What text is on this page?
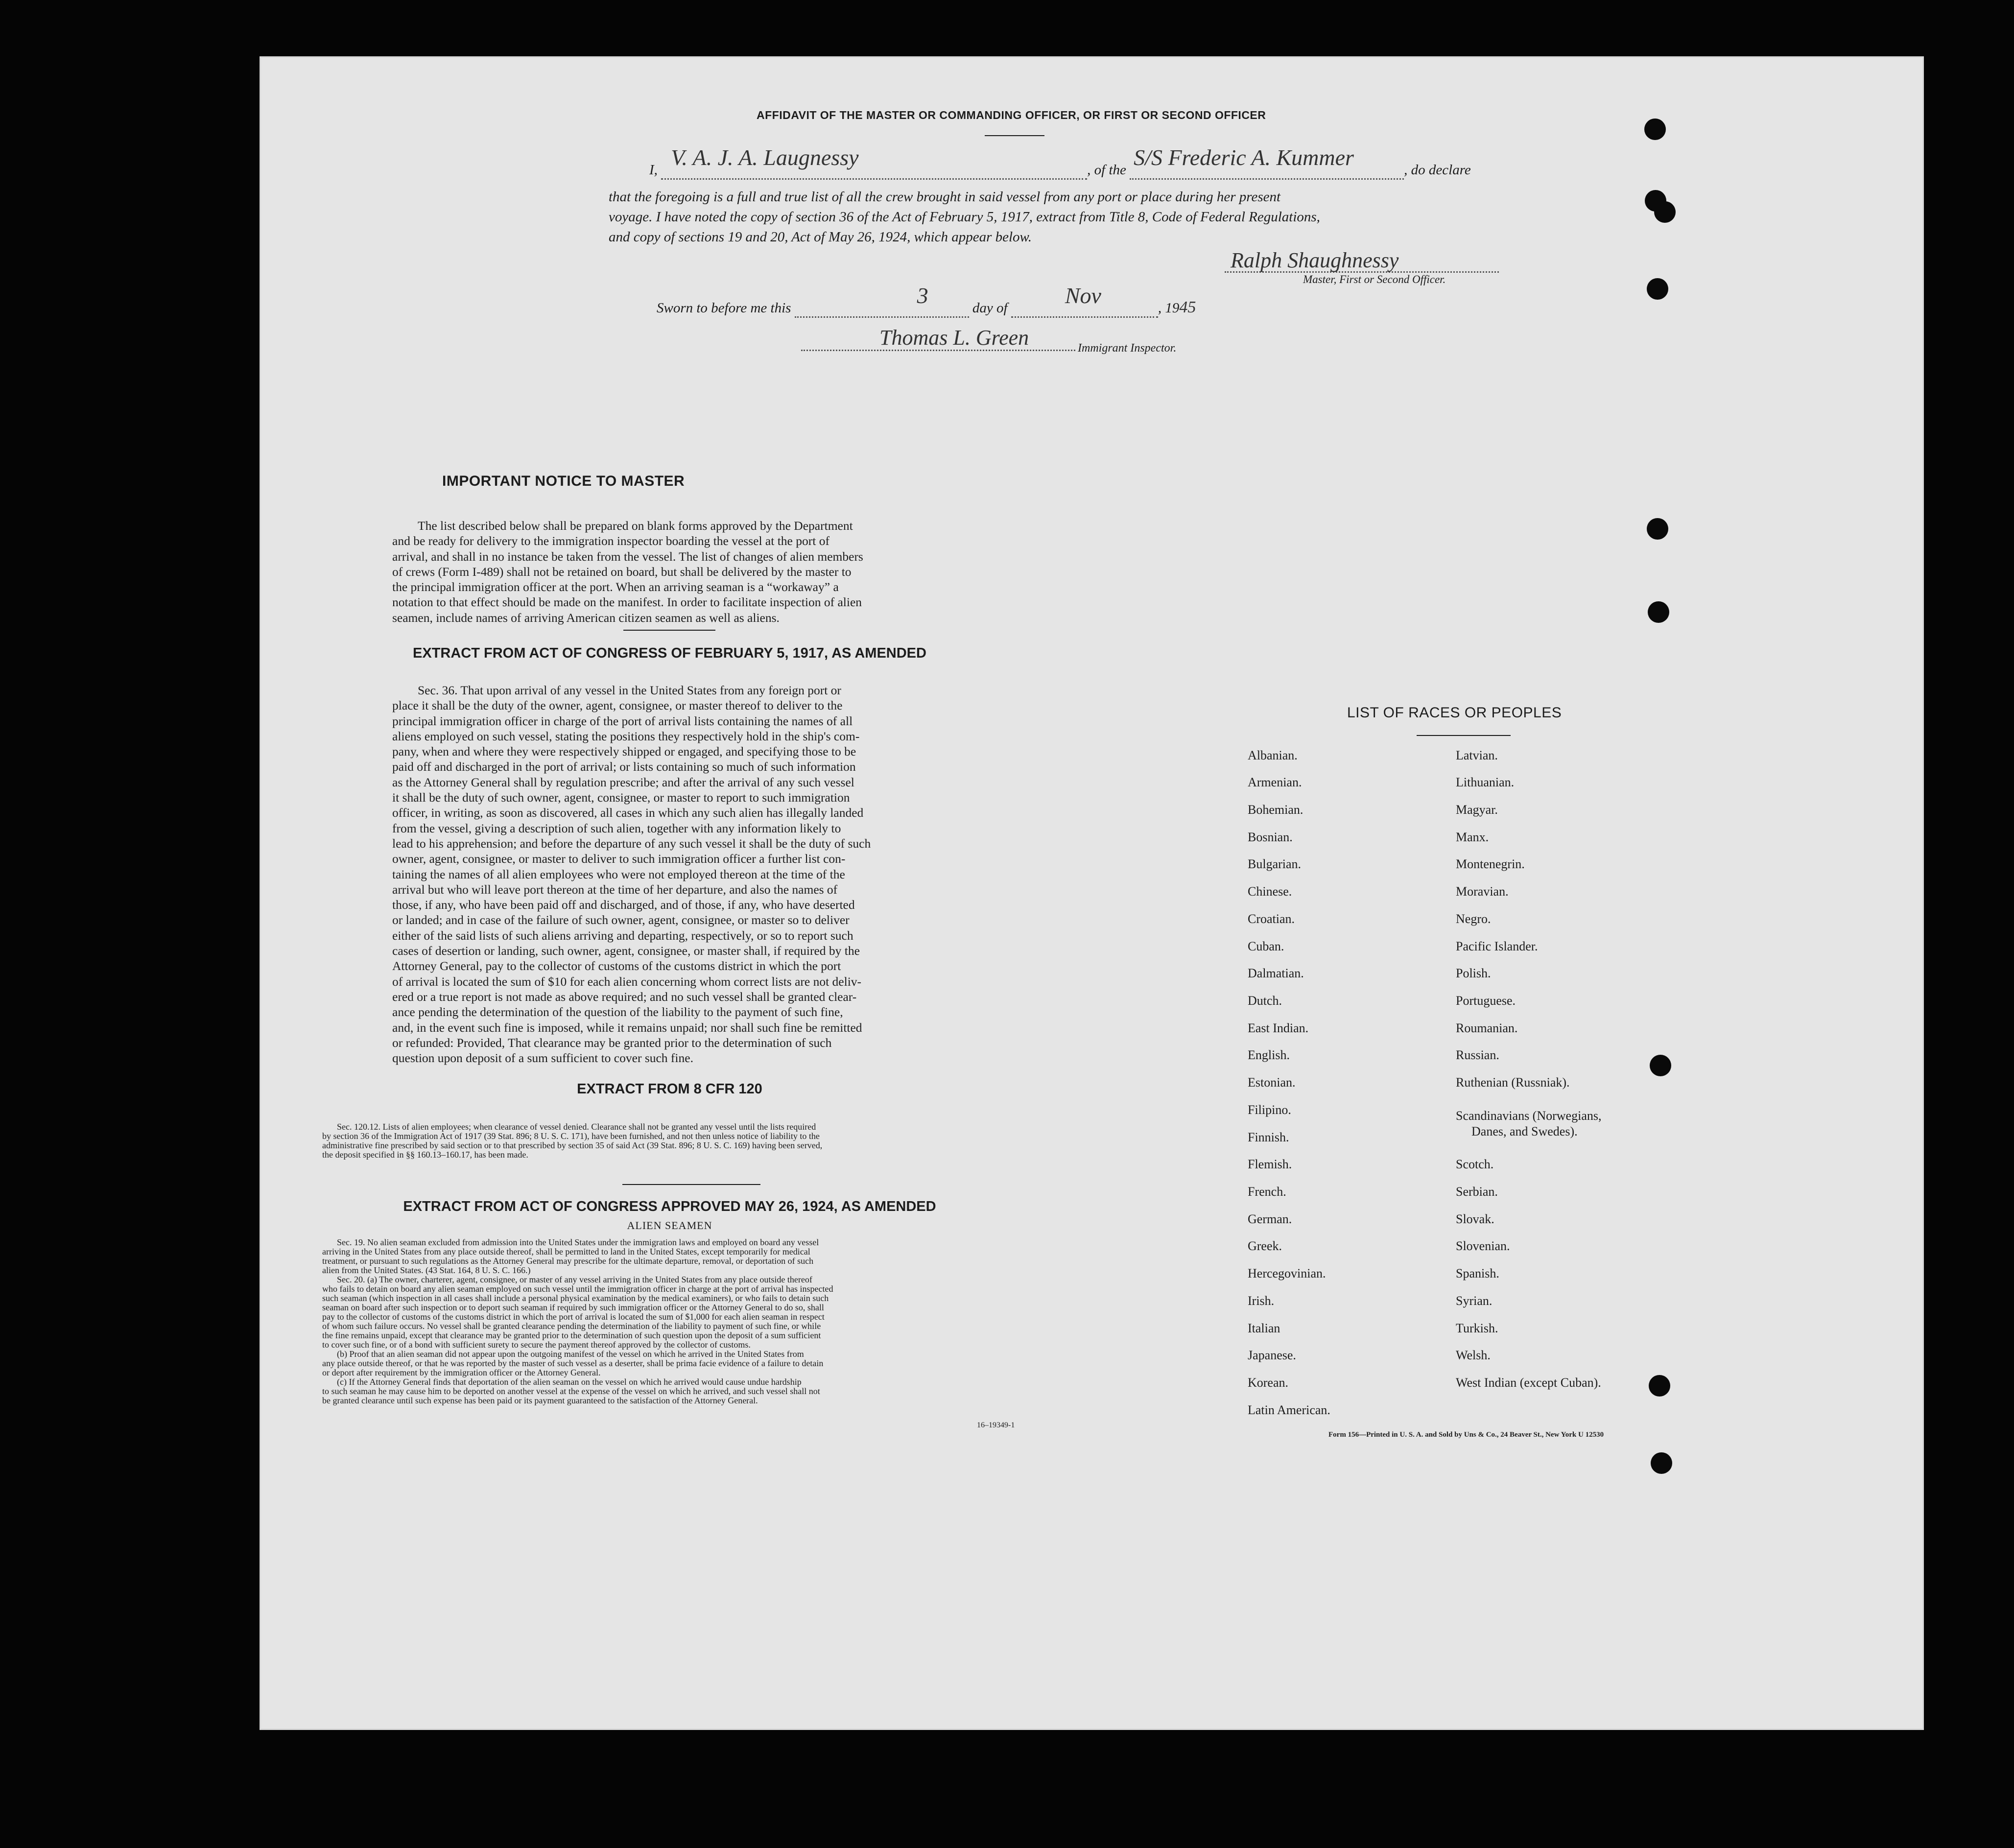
AFFIDAVIT OF THE MASTER OR COMMANDING OFFICER, OR FIRST OR SECOND OFFICER
I, V. A. J. A. Laugnessy	, of the S/S Frederic A. Kummer	, do declare
that the foregoing is a full and true list of all the crew brought in said vessel from any port or place during her present
voyage. I have noted the copy of section 36 of the Act of February 5, 1917, extract from Title 8, Code of Federal Regulations,
and copy of sections 19 and 20, Act of May 26, 1924, which appear below.
Ralph Shaughnessy
Master, First or Second Officer.
Sworn to before me this	3	day of	Nov	, 1945
Thomas L. Green	Immigrant Inspector.
IMPORTANT NOTICE TO MASTER
The list described below shall be prepared on blank forms approved by the Department
and be ready for delivery to the immigration inspector boarding the vessel at the port of
arrival, and shall in no instance be taken from the vessel. The list of changes of alien members
of crews (Form I-489) shall not be retained on board, but shall be delivered by the master to
the principal immigration officer at the port. When an arriving seaman is a “workaway” a
notation to that effect should be made on the manifest. In order to facilitate inspection of alien
seamen, include names of arriving American citizen seamen as well as aliens.
EXTRACT FROM ACT OF CONGRESS OF FEBRUARY 5, 1917, AS AMENDED
Sec. 36. That upon arrival of any vessel in the United States from any foreign port or
place it shall be the duty of the owner, agent, consignee, or master thereof to deliver to the
principal immigration officer in charge of the port of arrival lists containing the names of all
aliens employed on such vessel, stating the positions they respectively hold in the ship's com-
pany, when and where they were respectively shipped or engaged, and specifying those to be
paid off and discharged in the port of arrival; or lists containing so much of such information
as the Attorney General shall by regulation prescribe; and after the arrival of any such vessel
it shall be the duty of such owner, agent, consignee, or master to report to such immigration
officer, in writing, as soon as discovered, all cases in which any such alien has illegally landed
from the vessel, giving a description of such alien, together with any information likely to
lead to his apprehension; and before the departure of any such vessel it shall be the duty of such
owner, agent, consignee, or master to deliver to such immigration officer a further list con-
taining the names of all alien employees who were not employed thereon at the time of the
arrival but who will leave port thereon at the time of her departure, and also the names of
those, if any, who have been paid off and discharged, and of those, if any, who have deserted
or landed; and in case of the failure of such owner, agent, consignee, or master so to deliver
either of the said lists of such aliens arriving and departing, respectively, or so to report such
cases of desertion or landing, such owner, agent, consignee, or master shall, if required by the
Attorney General, pay to the collector of customs of the customs district in which the port
of arrival is located the sum of $10 for each alien concerning whom correct lists are not deliv-
ered or a true report is not made as above required; and no such vessel shall be granted clear-
ance pending the determination of the question of the liability to the payment of such fine,
and, in the event such fine is imposed, while it remains unpaid; nor shall such fine be remitted
or refunded: Provided, That clearance may be granted prior to the determination of such
question upon deposit of a sum sufficient to cover such fine.
EXTRACT FROM 8 CFR 120
Sec. 120.12. Lists of alien employees; when clearance of vessel denied. Clearance shall not be granted any vessel until the lists required
by section 36 of the Immigration Act of 1917 (39 Stat. 896; 8 U. S. C. 171), have been furnished, and not then unless notice of liability to the
administrative fine prescribed by said section or to that prescribed by section 35 of said Act (39 Stat. 896; 8 U. S. C. 169) having been served,
the deposit specified in §§ 160.13–160.17, has been made.
EXTRACT FROM ACT OF CONGRESS APPROVED MAY 26, 1924, AS AMENDED
ALIEN SEAMEN
Sec. 19. No alien seaman excluded from admission into the United States under the immigration laws and employed on board any vessel
arriving in the United States from any place outside thereof, shall be permitted to land in the United States, except temporarily for medical
treatment, or pursuant to such regulations as the Attorney General may prescribe for the ultimate departure, removal, or deportation of such
alien from the United States. (43 Stat. 164, 8 U. S. C. 166.)
Sec. 20. (a) The owner, charterer, agent, consignee, or master of any vessel arriving in the United States from any place outside thereof
who fails to detain on board any alien seaman employed on such vessel until the immigration officer in charge at the port of arrival has inspected
such seaman (which inspection in all cases shall include a personal physical examination by the medical examiners), or who fails to detain such
seaman on board after such inspection or to deport such seaman if required by such immigration officer or the Attorney General to do so, shall
pay to the collector of customs of the customs district in which the port of arrival is located the sum of $1,000 for each alien seaman in respect
of whom such failure occurs. No vessel shall be granted clearance pending the determination of the liability to payment of such fine, or while
the fine remains unpaid, except that clearance may be granted prior to the determination of such question upon the deposit of a sum sufficient
to cover such fine, or of a bond with sufficient surety to secure the payment thereof approved by the collector of customs.
(b) Proof that an alien seaman did not appear upon the outgoing manifest of the vessel on which he arrived in the United States from
any place outside thereof, or that he was reported by the master of such vessel as a deserter, shall be prima facie evidence of a failure to detain
or deport after requirement by the immigration officer or the Attorney General.
(c) If the Attorney General finds that deportation of the alien seaman on the vessel on which he arrived would cause undue hardship
to such seaman he may cause him to be deported on another vessel at the expense of the vessel on which he arrived, and such vessel shall not
be granted clearance until such expense has been paid or its payment guaranteed to the satisfaction of the Attorney General.
16–19349-1
LIST OF RACES OR PEOPLES
Albanian.
Armenian.
Bohemian.
Bosnian.
Bulgarian.
Chinese.
Croatian.
Cuban.
Dalmatian.
Dutch.
East Indian.
English.
Estonian.
Filipino.
Finnish.
Flemish.
French.
German.
Greek.
Hercegovinian.
Irish.
Italian
Japanese.
Korean.
Latin American.
Latvian.
Lithuanian.
Magyar.
Manx.
Montenegrin.
Moravian.
Negro.
Pacific Islander.
Polish.
Portuguese.
Roumanian.
Russian.
Ruthenian (Russniak).
Scandinavians (Norwegians,
Danes, and Swedes).
Scotch.
Serbian.
Slovak.
Slovenian.
Spanish.
Syrian.
Turkish.
Welsh.
West Indian (except Cuban).
Form 156—Printed in U. S. A. and Sold by Uns & Co., 24 Beaver St., New York U 12530
